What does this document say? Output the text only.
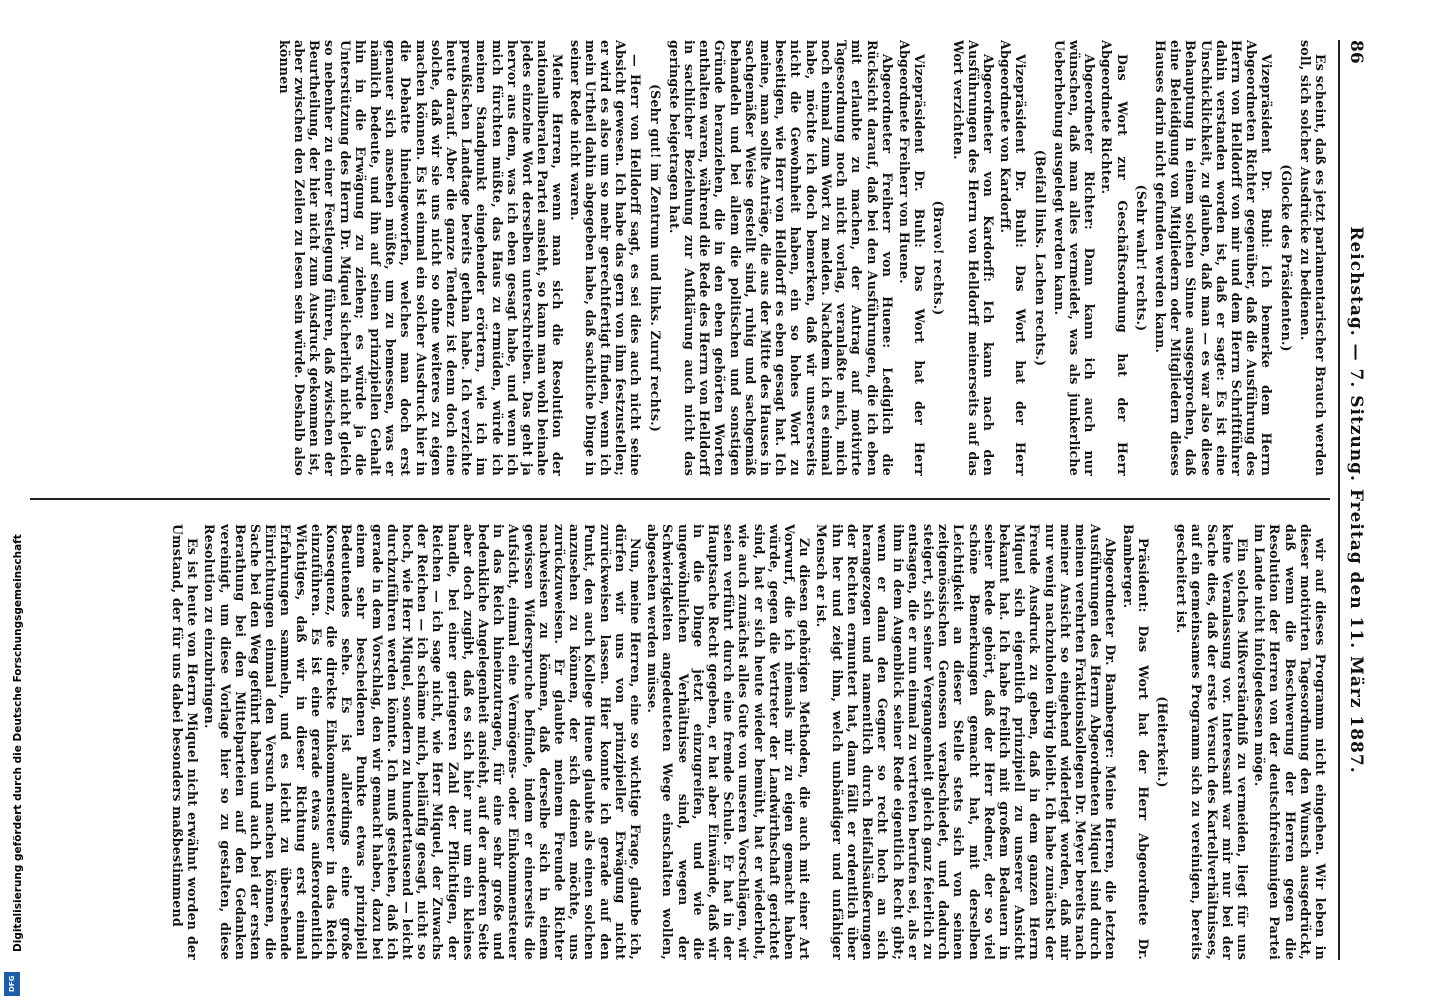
86
Reichstag. — 7. Sitzung. Freitag den 11. März 1887.

Es scheint, daß es jetzt parlamentarischer Brauch werden soll, sich solcher Ausdrücke zu bedienen.

(Glocke des Präsidenten.)

Vizepräsident Dr. Buhl: Ich bemerke dem Herrn Abgeordneten Richter gegenüber, daß die Ausführung des Herrn von Helldorff von mir und dem Herrn Schriftführer dahin verstanden worden ist, daß er sagte: Es ist eine Unschicklichkeit, zu glauben, daß man — es war also diese Behauptung in einem solchen Sinne ausgesprochen, daß eine Beleidigung von Mitgliedern oder Mitgliedern dieses Hauses darin nicht gefunden werden kann.

(Sehr wahr! rechts.)

Das Wort zur Geschäftsordnung hat der Herr Abgeordnete Richter.

Abgeordneter Richter: Dann kann ich auch nur wünschen, daß man alles vermeidet, was als junkerliche Ueberhebung ausgelegt werden kann.

(Beifall links. Lachen rechts.)

Vizepräsident Dr. Buhl: Das Wort hat der Herr Abgeordnete von Kardorff.

Abgeordneter von Kardorff: Ich kann nach den Ausführungen des Herrn von Helldorff meinerseits auf das Wort verzichten.

(Bravo! rechts.)

Vizepräsident Dr. Buhl: Das Wort hat der Herr Abgeordnete Freiherr von Huene.

Abgeordneter Freiherr von Huene: Lediglich die Rücksicht darauf, daß bei den Ausführungen, die ich eben mit erlaubte zu machen, der Antrag auf motivirte Tagesordnung noch nicht vorlag, veranlaßte mich, mich noch einmal zum Wort zu melden. Nachdem ich es einmal habe, möchte ich doch bemerken, daß wir unsererseits nicht die Gewohnheit haben, ein so hohes Wort zu beseitigen, wie Herr von Helldorff es eben gesagt hat. Ich meine, man sollte Anträge, die aus der Mitte des Hauses in sachgemäßer Weise gestellt sind, ruhig und sachgemäß behandeln und bei allem die politischen und sonstigen Gründe heranziehen, die in den eben gehörten Worten enthalten waren, während die Rede des Herrn von Helldorff in sachlicher Beziehung zur Aufklärung auch nicht das geringste beigetragen hat.

(Sehr gut! im Zentrum und links. Zuruf rechts.)

— Herr von Helldorff sagt, es sei dies auch nicht seine Absicht gewesen. Ich habe das gern von ihm festzustellen; er wird es also um so mehr gerechtfertigt finden, wenn ich mein Urtheil dahin abgegeben habe, daß sachliche Dinge in seiner Rede nicht waren.

Meine Herren, wenn man sich die Resolution der nationalliberalen Partei ansieht, so kann man wohl beinahe jedes einzelne Wort derselben unterschreiben. Das geht ja hervor aus dem, was ich eben gesagt habe, und wenn ich mich fürchten müßte, das Haus zu ermüden, würde ich meinen Standpunkt eingehender erörtern, wie ich im preußischen Landtage bereits gethan habe. Ich verzichte heute darauf. Aber die ganze Tendenz ist denn doch eine solche, daß wir sie uns nicht so ohne weiteres zu eigen machen können. Es ist einmal ein solcher Ausdruck hier in die Debatte hineingeworfen, welches man doch erst genauer sich ansehen müßte, um zu bemessen, was er nämlich bedeute, und ihn auf seinen prinzipiellen Gehalt hin in die Erwägung zu ziehen; es würde ja die Unterstützung des Herrn Dr. Miquel sicherlich nicht gleich so nebenher zu einer Festlegung führen, daß zwischen der Beurtheilung, der hier nicht zum Ausdruck gekommen ist, aber zwischen den Zeilen zu lesen sein würde. Deshalb also können

wir auf dieses Programm nicht eingehen. Wir leben in dieser motivirten Tagesordnung den Wunsch ausgedrückt, daß wenn die Beschwerung der Herren gegen die Resolution der Herren von der deutschfreisinnigen Partei im Lande nicht infolgedessen möge.

Ein solches Mißverständniß zu vermeiden, liegt für uns keine Veranlassung vor. Interessant war mir nur bei der Sache dies, daß der erste Versuch des Kartellverhältnisses, auf ein gemeinsames Programm sich zu vereinigen, bereits gescheitert ist.

(Heiterkeit.)

Präsident: Das Wort hat der Herr Abgeordnete Dr. Bamberger.

Abgeordneter Dr. Bamberger: Meine Herren, die letzten Ausführungen des Herrn Abgeordneten Miquel sind durch meinen verehrten Fraktionskollegen Dr. Meyer bereits nach meiner Ansicht so eingehend widerlegt worden, daß mir nur wenig nachzuholen übrig bleibt. Ich habe zunächst der Freude Ausdruck zu geben, daß in dem ganzen Herrn Miquel sich eigentlich prinzipiell zu unserer Ansicht bekannt hat. Ich habe freilich mit großem Bedauern in seiner Rede gehört, daß der Herr Redner, der so viel schöne Bemerkungen gemacht hat, mit derselben Leichtigkeit an dieser Stelle stets sich von seinen zeitgenössischen Genossen verabschiedet, und dadurch steigert, sich seiner Vergangenheit gleich ganz feierlich zu entsagen, die er nun einmal zu vertreten berufen sei, als er ihm in dem Augenblick seiner Rede eigentlich Recht gibt; wenn er dann den Gegner so recht hoch an sich herangezogen und namentlich durch Beifallsäußerungen der Rechten ermuntert hat, dann fällt er ordentlich über ihn her und zeigt ihm, welch unbändiger und unfähiger Mensch er ist.

Zu diesen gehörigen Methoden, die auch mit einer Art Vorwurf, die ich niemals mir zu eigen gemacht haben würde, gegen die Vertreter der Landwirthschaft gerichtet sind, hat er sich heute wieder bemüht, hat er wiederholt, wie auch zunächst alles Gute von unseren Vorschlägen, wir seien verführt durch eine fremde Schule. Er hat in der Hauptsache Recht gegeben, er hat aber Einwände, daß wir in die Dinge jetzt einzugreifen, und wie die ungewöhnlichen Verhältnisse sind, wegen der Schwierigkeiten angedeuteten Wege einschalten wollen, abgesehen werden müsse.

Nun, meine Herren, eine so wichtige Frage, glaube ich, dürfen wir uns von prinzipieller Erwägung nicht zurückweisen lassen. Hier konnte ich gerade auf den Punkt, den auch Kollege Huene glaubte als einen solchen anzusehen zu können, der sich deinen möchte, uns zurückzuweisen. Er glaubte meinem Freunde Richter nachweisen zu können, daß derselbe sich in einem gewissen Widerspruche befinde, indem er einerseits die Aufsicht, einmal eine Vermögens- oder Einkommensteuer in das Reich hineinzutragen, für eine sehr große und bedenkliche Angelegenheit ansieht, auf der anderen Seite aber doch zugibt, daß es sich hier nur um ein kleines handle, bei einer geringeren Zahl der Pflichtigen, der Reichen — ich sage nicht, wie Herr Miquel, der Zuwachs der Reichen — ich schäme mich, beiläufig gesagt, nicht so hoch, wie Herr Miquel, sondern zu hunderttausend — leicht durchzuführen werden könnte. Ich muß gestehen, daß ich gerade in dem Vorschlag, den wir gemacht haben, dazu bei einem sehr bescheidenen Punkte etwas prinzipiell Bedeutendes sehe. Es ist allerdings eine große Konsequenz, die direkte Einkommensteuer in das Reich einzuführen. Es ist eine gerade etwas außerordentlich Wichtiges, daß wir in dieser Richtung erst einmal Erfahrungen sammeln, und es leicht zu übersehende Einrichtungen einmal den Versuch machen können, die Sache bei den Weg geführt haben und auch bei der ersten Berathung bei den Mittelparteien auf den Gedanken vereinigt, um diese Vorlage hier so zu gestalten, diese Resolution zu einzubringen.

Es ist heute von Herrn Miquel nicht erwähnt worden der Umstand, der für uns dabei besonders maßbestimmend

Digitalisierung gefördert durch die Deutsche Forschungsgemeinschaft
DFG
